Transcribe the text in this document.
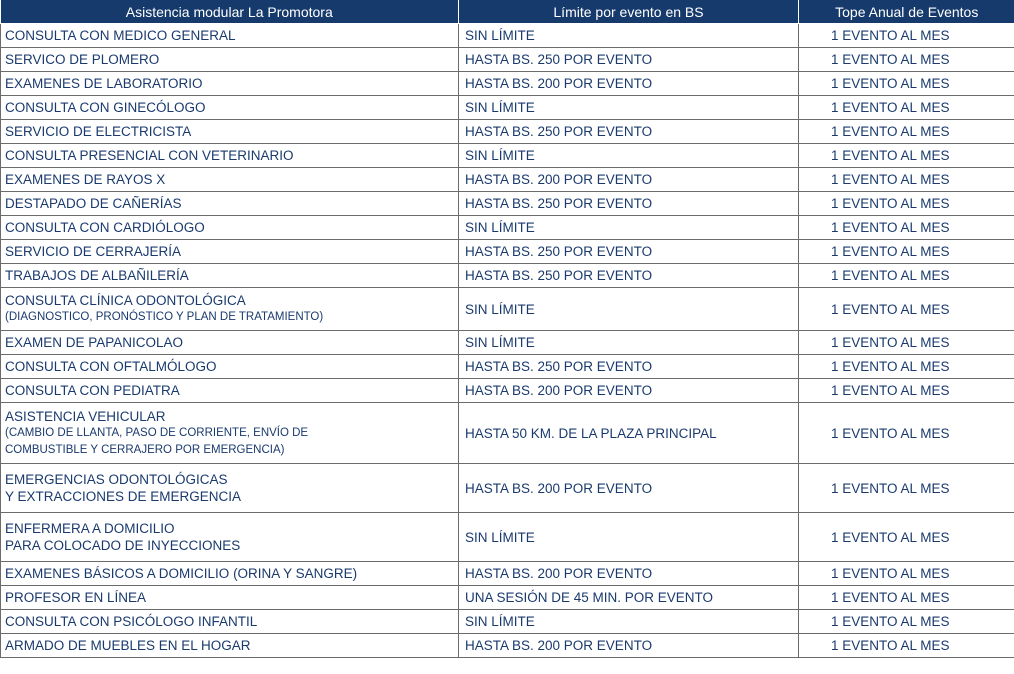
Asistencia modular La Promotora	Límite por evento en BS	Tope Anual de Eventos
CONSULTA CON MEDICO GENERAL	SIN LÍMITE	1 EVENTO AL MES
SERVICO DE PLOMERO	HASTA BS. 250 POR EVENTO	1 EVENTO AL MES
EXAMENES DE LABORATORIO	HASTA BS. 200 POR EVENTO	1 EVENTO AL MES
CONSULTA CON GINECÓLOGO	SIN LÍMITE	1 EVENTO AL MES
SERVICIO DE ELECTRICISTA	HASTA BS. 250 POR EVENTO	1 EVENTO AL MES
CONSULTA PRESENCIAL CON VETERINARIO	SIN LÍMITE	1 EVENTO AL MES
EXAMENES DE RAYOS X	HASTA BS. 200 POR EVENTO	1 EVENTO AL MES
DESTAPADO DE CAÑERÍAS	HASTA BS. 250 POR EVENTO	1 EVENTO AL MES
CONSULTA CON CARDIÓLOGO	SIN LÍMITE	1 EVENTO AL MES
SERVICIO DE CERRAJERÍA	HASTA BS. 250 POR EVENTO	1 EVENTO AL MES
TRABAJOS DE ALBAÑILERÍA	HASTA BS. 250 POR EVENTO	1 EVENTO AL MES

CONSULTA CLÍNICA ODONTOLÓGICA
(DIAGNOSTICO, PRONÓSTICO Y PLAN DE TRATAMIENTO)	SIN LÍMITE	1 EVENTO AL MES
EXAMEN DE PAPANICOLAO	SIN LÍMITE	1 EVENTO AL MES
CONSULTA CON OFTALMÓLOGO	HASTA BS. 250 POR EVENTO	1 EVENTO AL MES
CONSULTA CON PEDIATRA	HASTA BS. 200 POR EVENTO	1 EVENTO AL MES

ASISTENCIA VEHICULAR
(CAMBIO DE LLANTA, PASO DE CORRIENTE, ENVÍO DE
COMBUSTIBLE Y CERRAJERO POR EMERGENCIA)	HASTA 50 KM. DE LA PLAZA PRINCIPAL	1 EVENTO AL MES

EMERGENCIAS ODONTOLÓGICAS
Y EXTRACCIONES DE EMERGENCIA	HASTA BS. 200 POR EVENTO	1 EVENTO AL MES

ENFERMERA A DOMICILIO
PARA COLOCADO DE INYECCIONES	SIN LÍMITE	1 EVENTO AL MES
EXAMENES BÁSICOS A DOMICILIO (ORINA Y SANGRE)	HASTA BS. 200 POR EVENTO	1 EVENTO AL MES
PROFESOR EN LÍNEA	UNA SESIÓN DE 45 MIN. POR EVENTO	1 EVENTO AL MES
CONSULTA CON PSICÓLOGO INFANTIL	SIN LÍMITE	1 EVENTO AL MES
ARMADO DE MUEBLES EN EL HOGAR	HASTA BS. 200 POR EVENTO	1 EVENTO AL MES
